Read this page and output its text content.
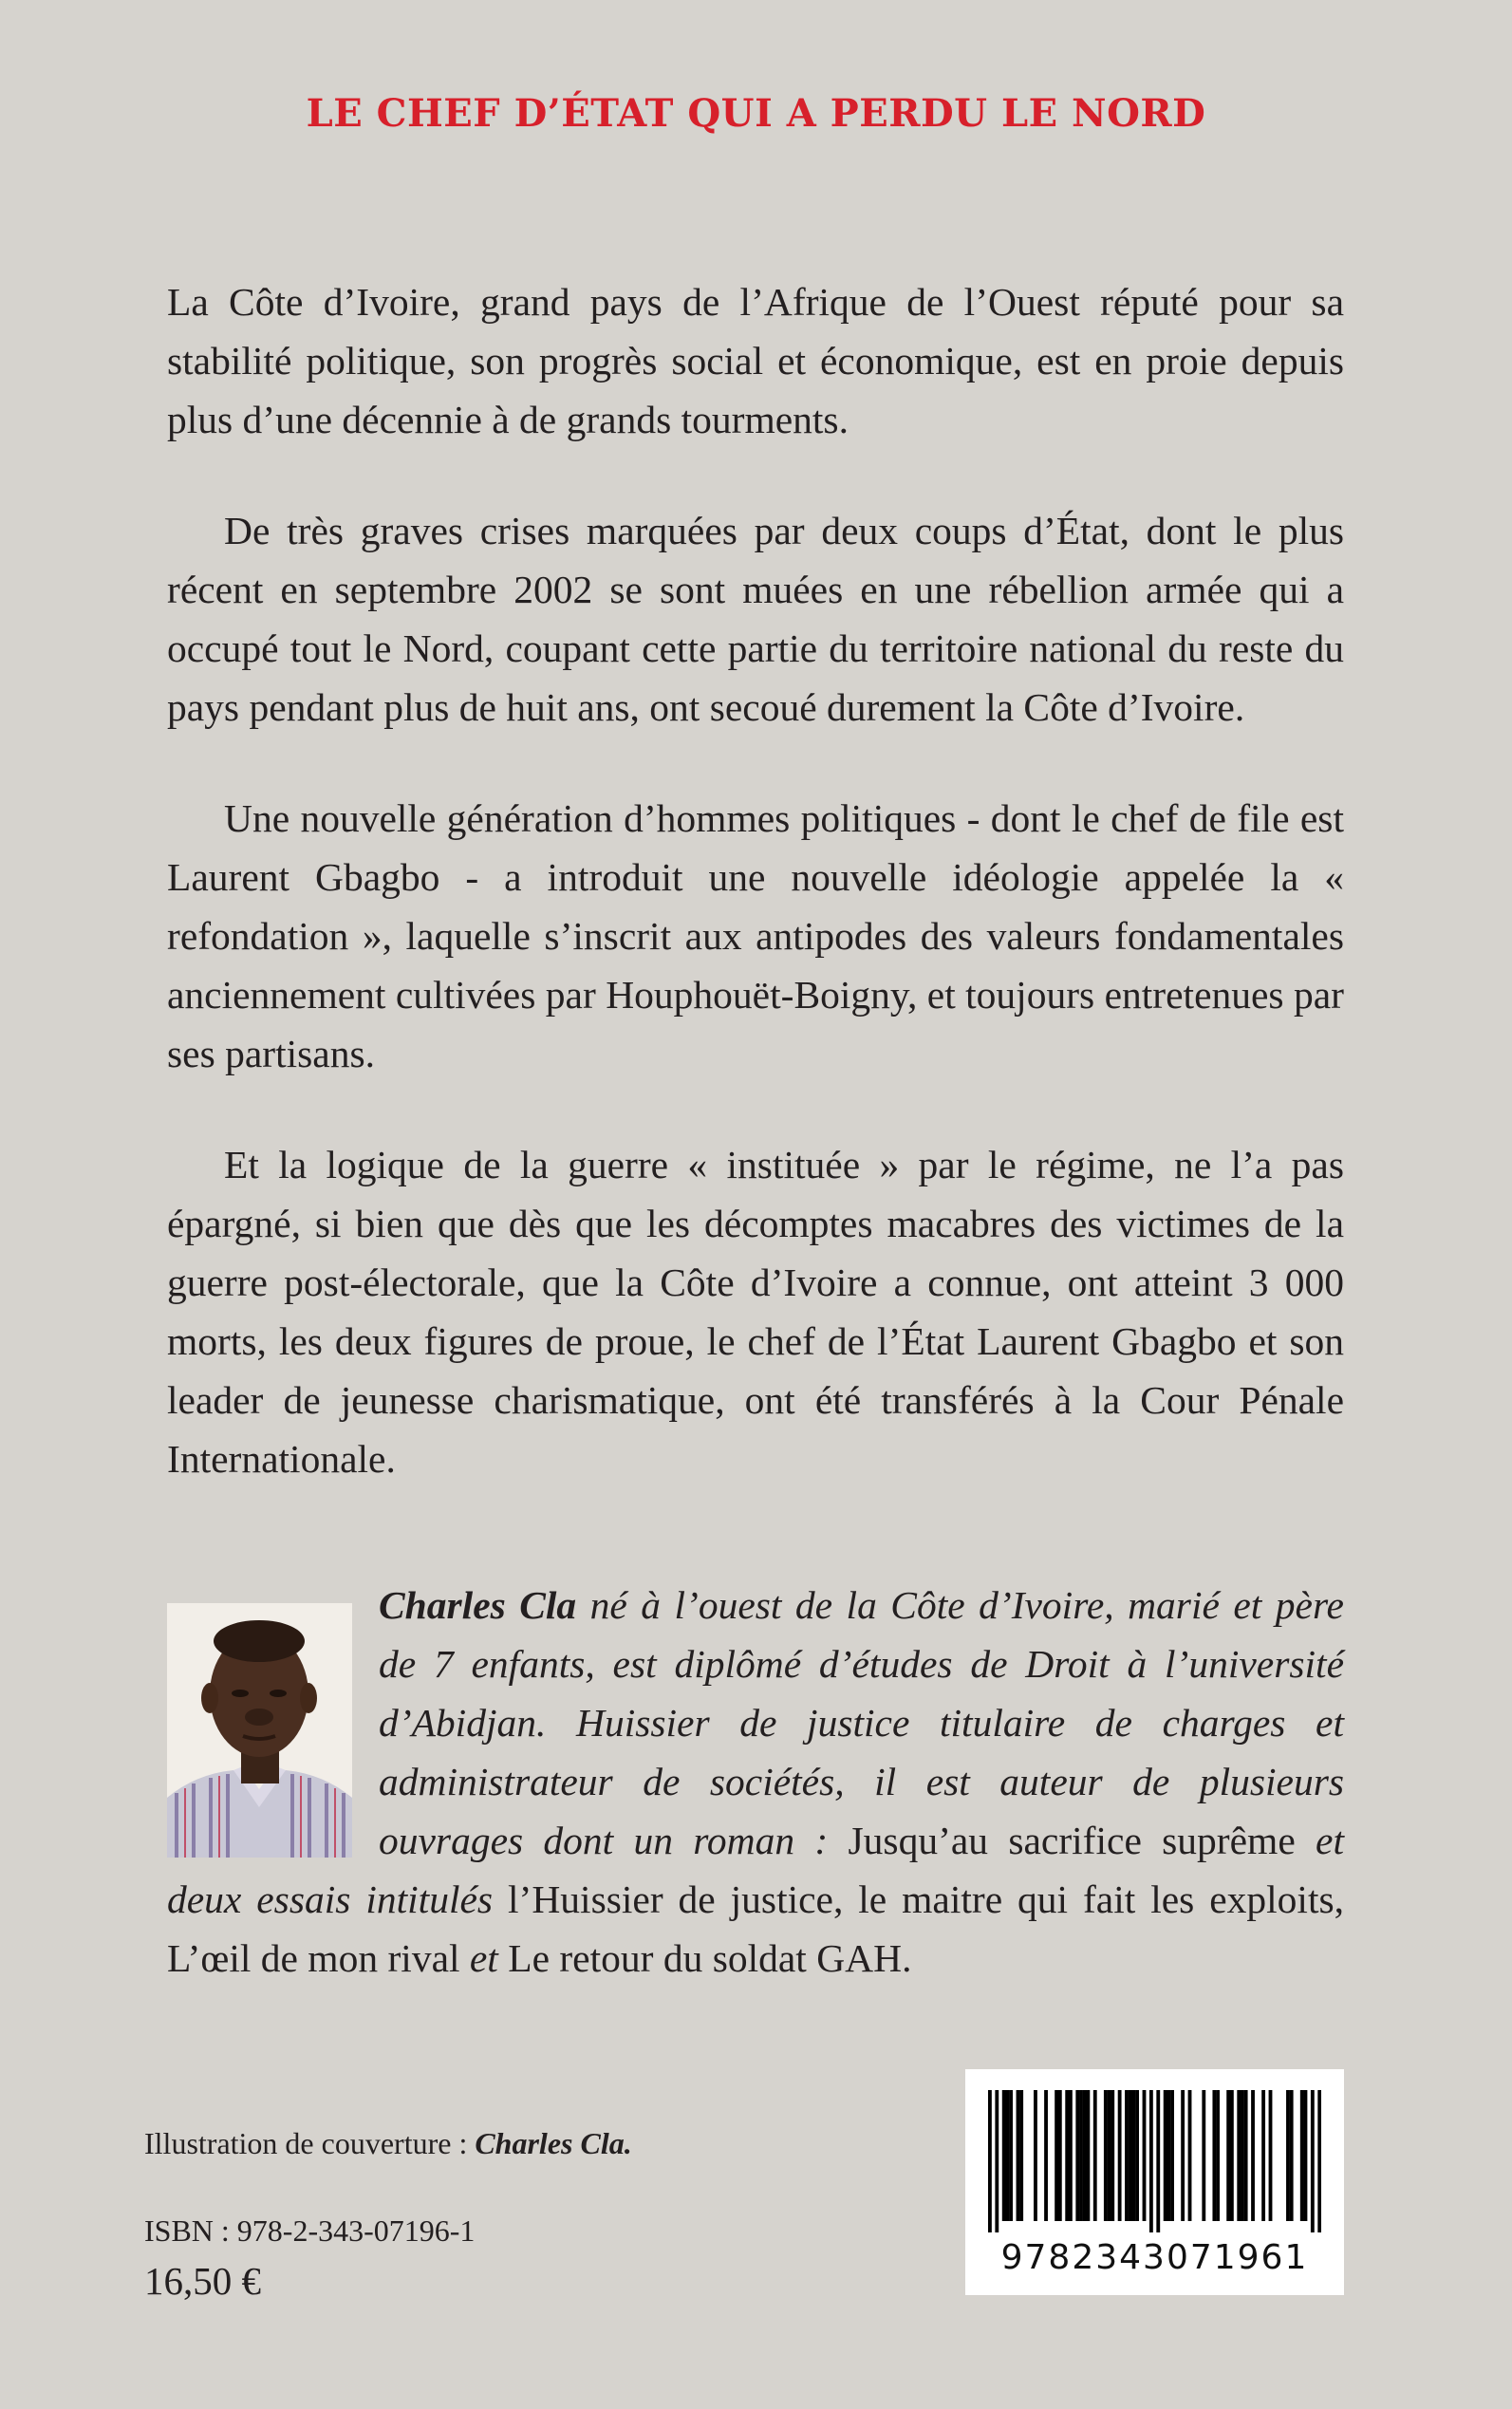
LE CHEF D’ÉTAT QUI A PERDU LE NORD

La Côte d’Ivoire, grand pays de l’Afrique de l’Ouest réputé pour sa stabilité politique, son progrès social et économique, est en proie depuis plus d’une décennie à de grands tourments.

De très graves crises marquées par deux coups d’État, dont le plus récent en septembre 2002 se sont muées en une rébellion armée qui a occupé tout le Nord, coupant cette partie du territoire national du reste du pays pendant plus de huit ans, ont secoué durement la Côte d’Ivoire.

Une nouvelle génération d’hommes politiques - dont le chef de file est Laurent Gbagbo - a introduit une nouvelle idéologie appelée la « refondation », laquelle s’inscrit aux antipodes des valeurs fondamentales anciennement cultivées par Houphouët-Boigny, et toujours entretenues par ses partisans.

Et la logique de la guerre « instituée » par le régime, ne l’a pas épargné, si bien que dès que les décomptes macabres des victimes de la guerre post-électorale, que la Côte d’Ivoire a connue, ont atteint 3 000 morts, les deux figures de proue, le chef de l’État Laurent Gbagbo et son leader de jeunesse charismatique, ont été transférés à la Cour Pénale Internationale.

Charles Cla né à l’ouest de la Côte d’Ivoire, marié et père de 7 enfants, est diplômé d’études de Droit à l’université d’Abidjan. Huissier de justice titulaire de charges et administrateur de sociétés, il est auteur de plusieurs ouvrages dont un roman : Jusqu’au sacrifice suprême et deux essais intitulés l’Huissier de justice, le maitre qui fait les exploits, L’œil de mon rival et Le retour du soldat GAH.

Illustration de couverture : Charles Cla.

ISBN : 978-2-343-07196-1

16,50 €

9782343071961
